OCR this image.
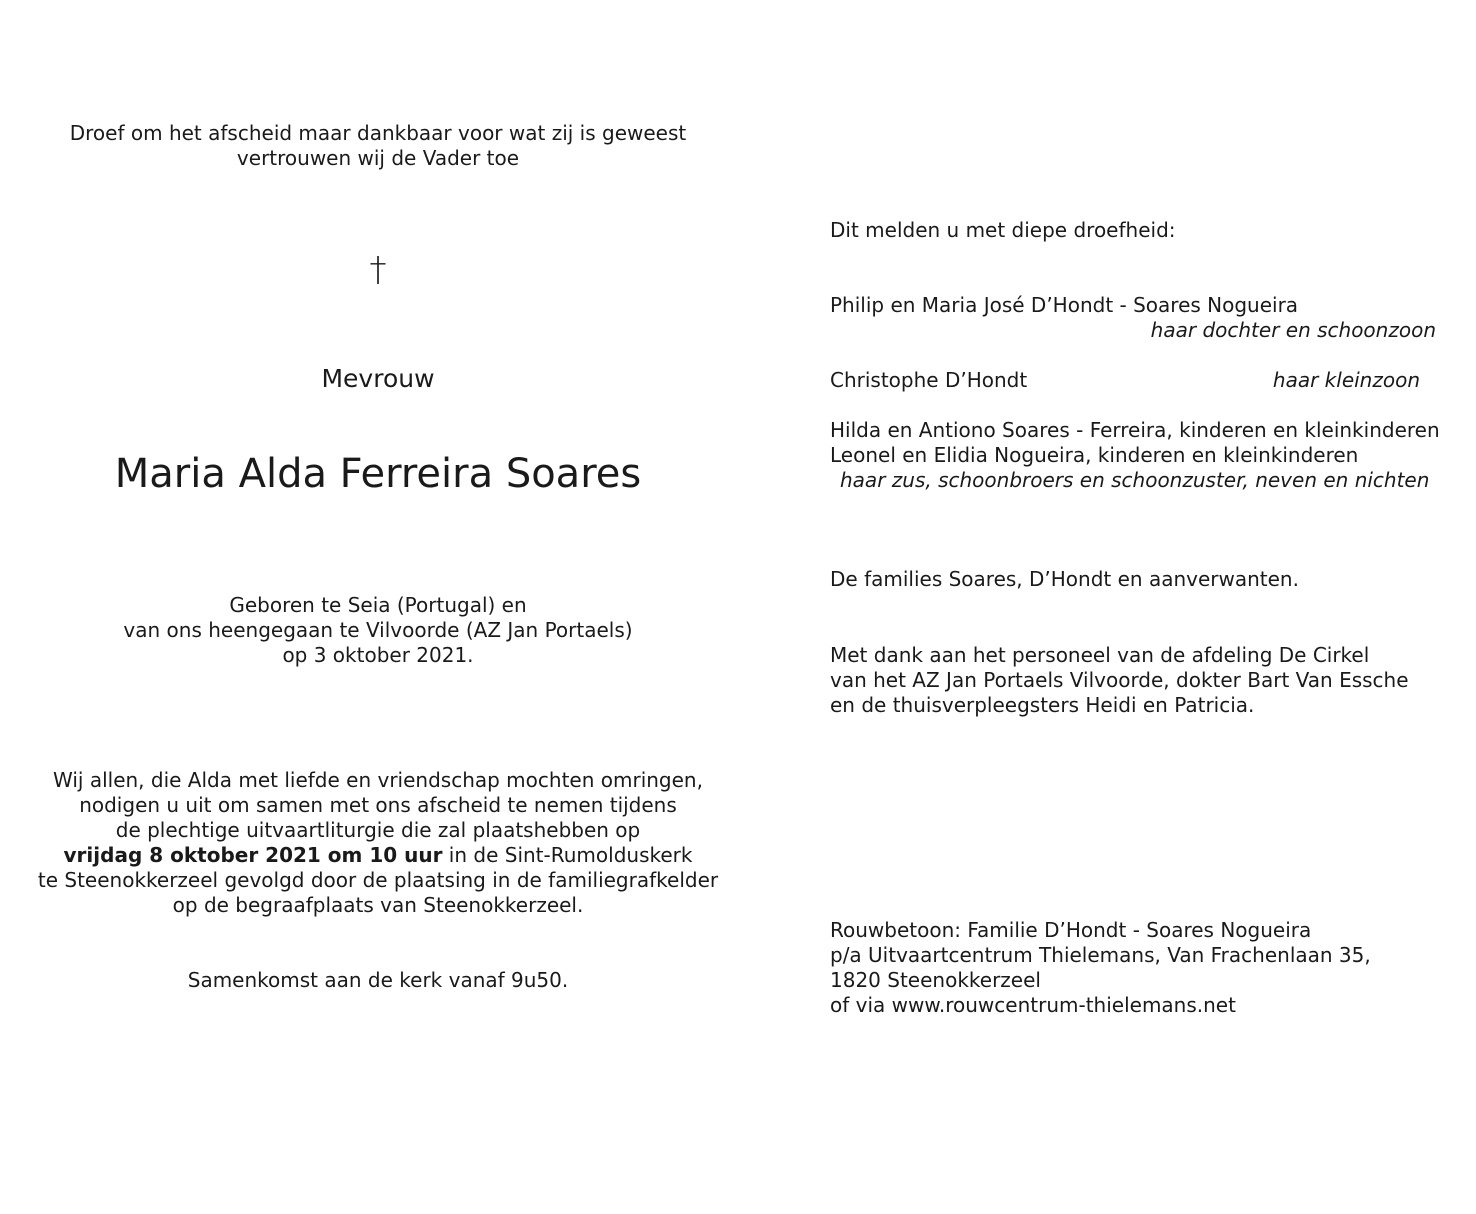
Droef om het afscheid maar dankbaar voor wat zij is geweest
vertrouwen wij de Vader toe
†
Mevrouw
Maria Alda Ferreira Soares
Geboren te Seia (Portugal) en
van ons heengegaan te Vilvoorde (AZ Jan Portaels)
op 3 oktober 2021.
Wij allen, die Alda met liefde en vriendschap mochten omringen,
nodigen u uit om samen met ons afscheid te nemen tijdens
de plechtige uitvaartliturgie die zal plaatshebben op
vrijdag 8 oktober 2021 om 10 uur in de Sint-Rumolduskerk
te Steenokkerzeel gevolgd door de plaatsing in de familiegrafkelder
op de begraafplaats van Steenokkerzeel.
Samenkomst aan de kerk vanaf 9u50.
Dit melden u met diepe droefheid:
Philip en Maria José D’Hondt - Soares Nogueira
haar dochter en schoonzoon
Christophe D’Hondt	haar kleinzoon
Hilda en Antiono Soares - Ferreira, kinderen en kleinkinderen
Leonel en Elidia Nogueira, kinderen en kleinkinderen
haar zus, schoonbroers en schoonzuster, neven en nichten
De families Soares, D’Hondt en aanverwanten.
Met dank aan het personeel van de afdeling De Cirkel
van het AZ Jan Portaels Vilvoorde, dokter Bart Van Essche
en de thuisverpleegsters Heidi en Patricia.
Rouwbetoon: Familie D’Hondt - Soares Nogueira
p/a Uitvaartcentrum Thielemans, Van Frachenlaan 35,
1820 Steenokkerzeel
of via www.rouwcentrum-thielemans.net
